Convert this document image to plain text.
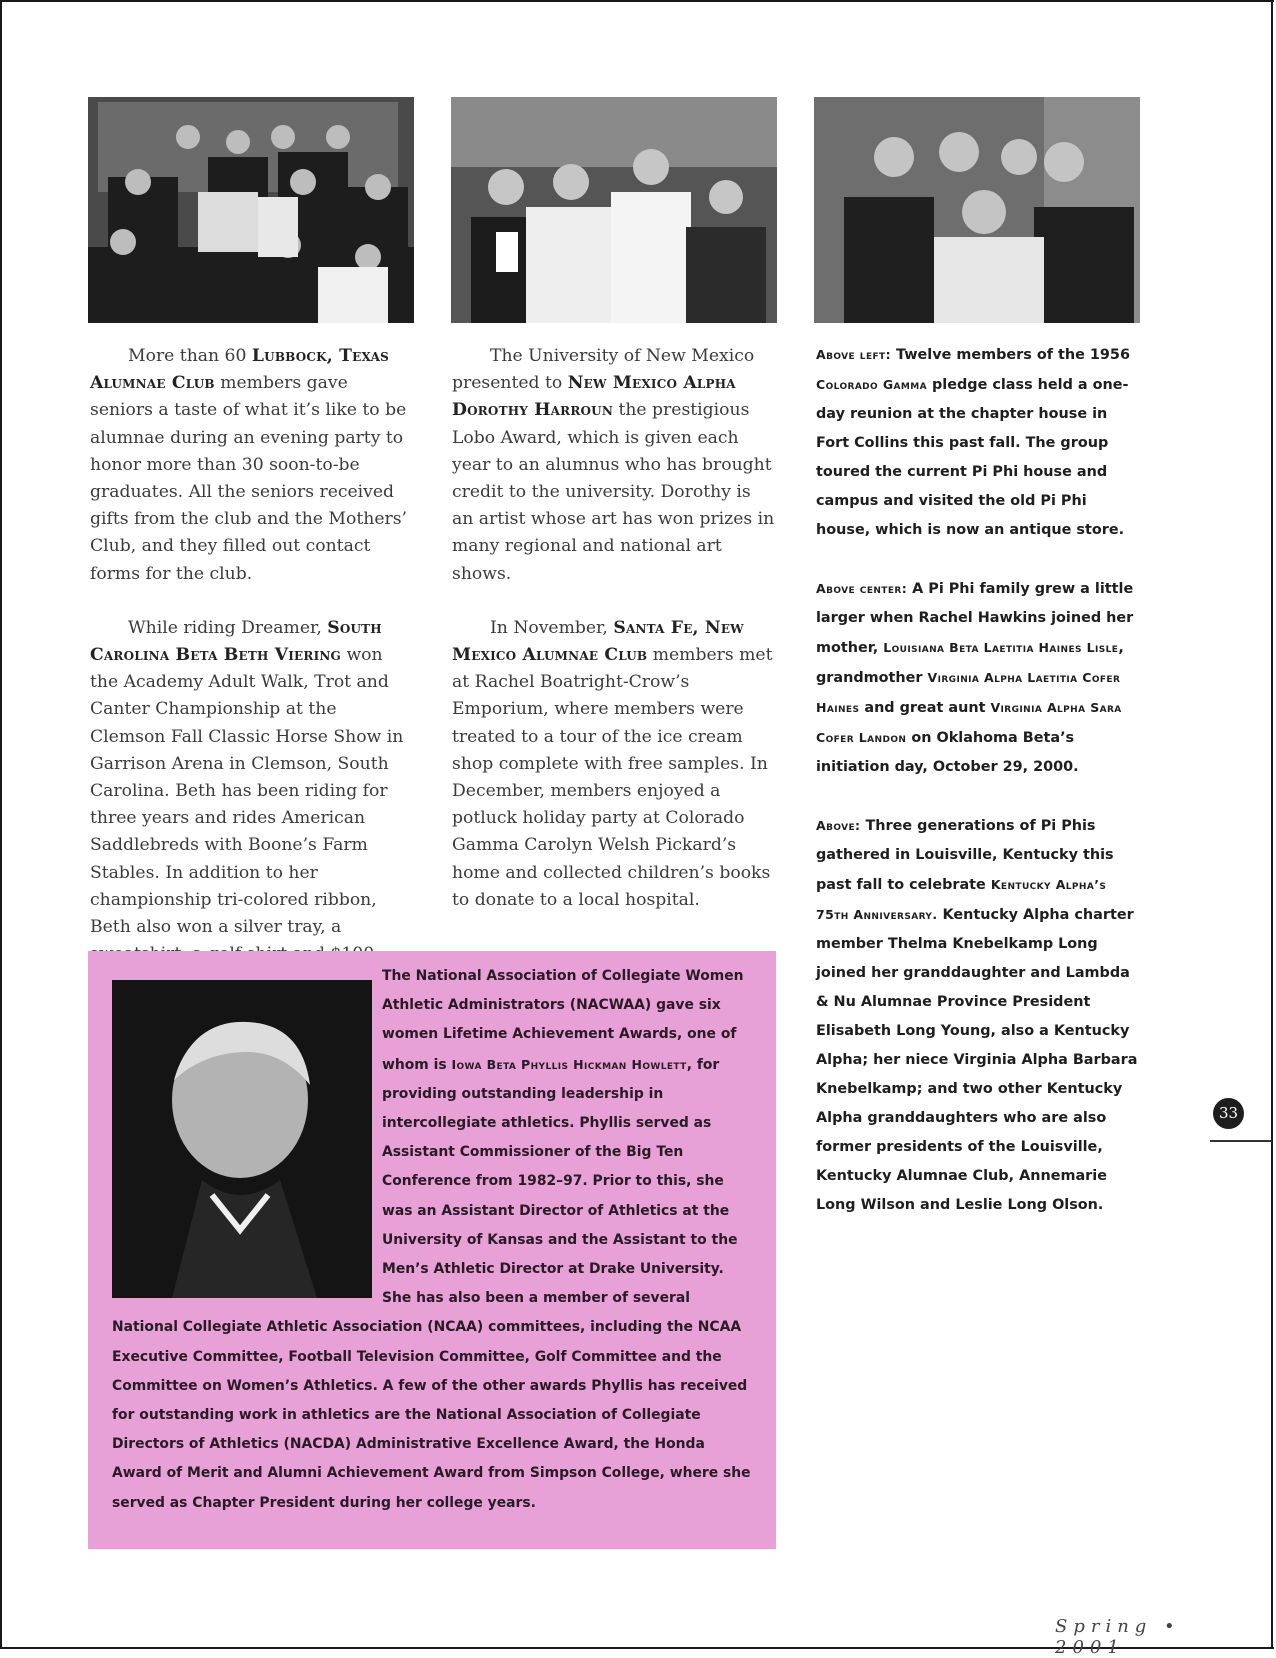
More than 60 Lubbock, Texas Alumnae Club members gave seniors a taste of what it’s like to be alumnae during an evening party to honor more than 30 soon-to-be graduates. All the seniors received gifts from the club and the Mothers’ Club, and they filled out contact forms for the club.

While riding Dreamer, South Carolina Beta Beth Viering won the Academy Adult Walk, Trot and Canter Championship at the Clemson Fall Classic Horse Show in Garrison Arena in Clemson, South Carolina. Beth has been riding for three years and rides American Saddlebreds with Boone’s Farm Stables. In addition to her championship tri-colored ribbon, Beth also won a silver tray, a

The University of New Mexico presented to New Mexico Alpha Dorothy Harroun the prestigious Lobo Award, which is given each year to an alumnus who has brought credit to the university. Dorothy is an artist whose art has won prizes in many regional and national art shows.

In November, Santa Fe, New Mexico Alumnae Club members met at Rachel Boatright-Crow’s Emporium, where members were treated to a tour of the ice cream shop complete with free samples. In December, members enjoyed a potluck holiday party at Colorado Gamma Carolyn Welsh Pickard’s home and collected children’s books to donate to a local hospital.

Above left: Twelve members of the 1956 Colorado Gamma pledge class held a one-day reunion at the chapter house in Fort Collins this past fall. The group toured the current Pi Phi house and campus and visited the old Pi Phi house, which is now an antique store.

Above center: A Pi Phi family grew a little larger when Rachel Hawkins joined her mother, Louisiana Beta Laetitia Haines Lisle, grandmother Virginia Alpha Laetitia Cofer Haines and great aunt Virginia Alpha Sara Cofer Landon on Oklahoma Beta’s initiation day, October 29, 2000.

Above: Three generations of Pi Phis gathered in Louisville, Kentucky this past fall to celebrate Kentucky Alpha’s 75th Anniversary. Kentucky Alpha charter member Thelma Knebelkamp Long joined her granddaughter and Lambda & Nu Alumnae Province President Elisabeth Long Young, also a Kentucky Alpha; her niece Virginia Alpha Barbara Knebelkamp; and two other Kentucky Alpha granddaughters who are also former presidents of the Louisville, Kentucky Alumnae Club, Annemarie Long Wilson and Leslie Long Olson.

The National Association of Collegiate Women Athletic Administrators (NACWAA) gave six women Lifetime Achievement Awards, one of whom is Iowa Beta Phyllis Hickman Howlett, for providing outstanding leadership in intercollegiate athletics. Phyllis served as Assistant Commissioner of the Big Ten Conference from 1982–97. Prior to this, she was an Assistant Director of Athletics at the University of Kansas and the Assistant to the Men’s Athletic Director at Drake University. She has also been a member of several National Collegiate Athletic Association (NCAA) committees, including the NCAA Executive Committee, Football Television Committee, Golf Committee and the Committee on Women’s Athletics. A few of the other awards Phyllis has received for outstanding work in athletics are the National Association of Collegiate Directors of Athletics (NACDA) Administrative Excellence Award, the Honda Award of Merit and Alumni Achievement Award from Simpson College, where she served as Chapter President during her college years.

33
Spring • 2001
